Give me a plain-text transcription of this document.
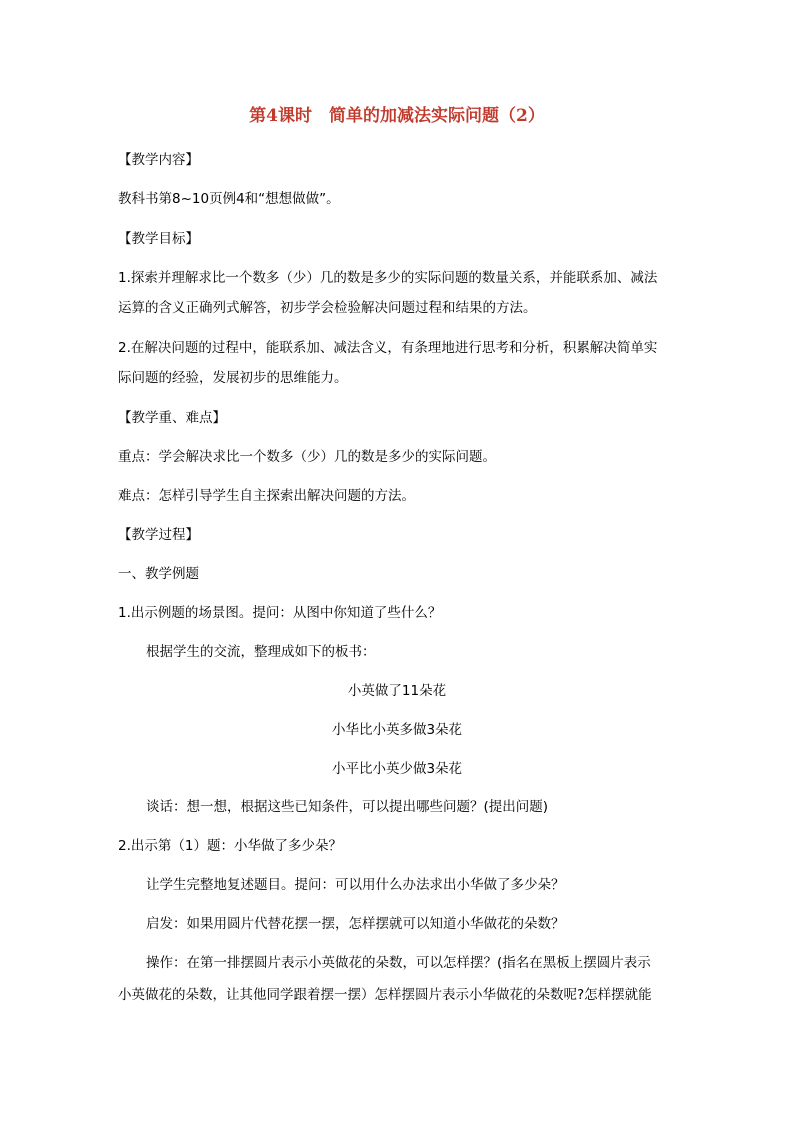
第4课时　简单的加减法实际问题（2）
【教学内容】
教科书第8~10页例4和“想想做做”。
【教学目标】
1.探索并理解求比一个数多（少）几的数是多少的实际问题的数量关系，并能联系加、减法
运算的含义正确列式解答，初步学会检验解决问题过程和结果的方法。
2.在解决问题的过程中，能联系加、减法含义，有条理地进行思考和分析，积累解决简单实
际问题的经验，发展初步的思维能力。
【教学重、难点】
重点：学会解决求比一个数多（少）几的数是多少的实际问题。
难点：怎样引导学生自主探索出解决问题的方法。
【教学过程】
一、教学例题
1.出示例题的场景图。提问：从图中你知道了些什么？
根据学生的交流，整理成如下的板书：
小英做了11朵花
小华比小英多做3朵花
小平比小英少做3朵花
谈话：想一想，根据这些已知条件，可以提出哪些问题？(提出问题)
2.出示第（1）题：小华做了多少朵？
让学生完整地复述题目。提问：可以用什么办法求出小华做了多少朵？
启发：如果用圆片代替花摆一摆，怎样摆就可以知道小华做花的朵数？
操作：在第一排摆圆片表示小英做花的朵数，可以怎样摆？(指名在黑板上摆圆片表示
小英做花的朵数，让其他同学跟着摆一摆）怎样摆圆片表示小华做花的朵数呢?怎样摆就能
